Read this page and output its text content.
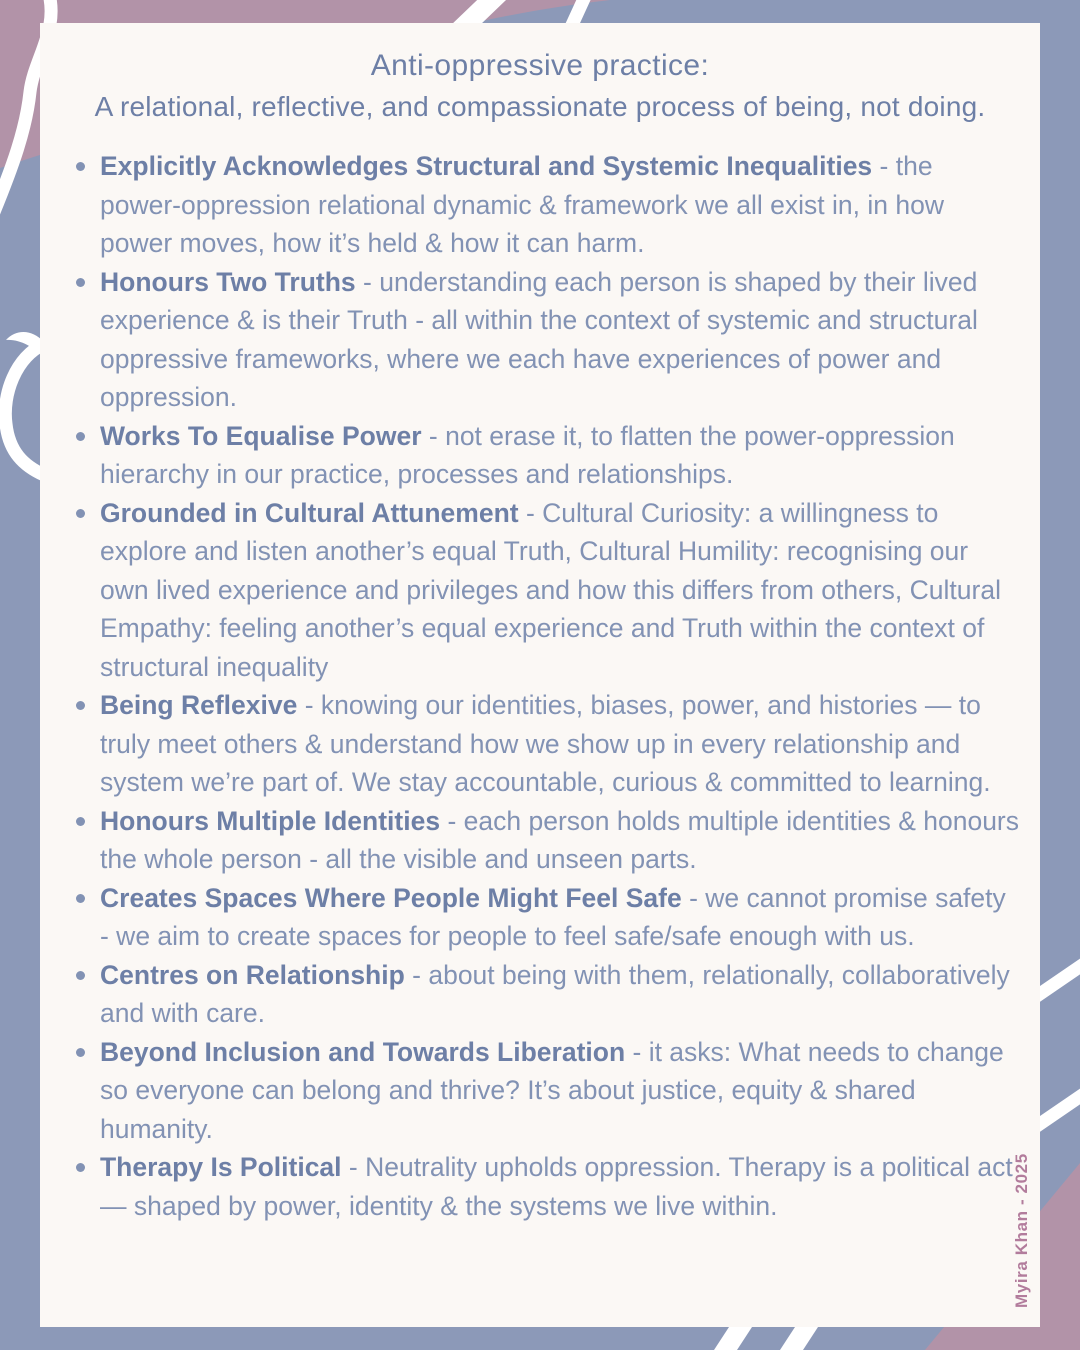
Anti-oppressive practice:
A relational, reflective, and compassionate process of being, not doing.
Explicitly Acknowledges Structural and Systemic Inequalities - the power-oppression relational dynamic & framework we all exist in, in how power moves, how it’s held & how it can harm.
Honours Two Truths - understanding each person is shaped by their lived experience & is their Truth - all within the context of systemic and structural oppressive frameworks, where we each have experiences of power and oppression.
Works To Equalise Power - not erase it, to flatten the power-oppression hierarchy in our practice, processes and relationships.
Grounded in Cultural Attunement - Cultural Curiosity: a willingness to explore and listen another’s equal Truth, Cultural Humility: recognising our own lived experience and privileges and how this differs from others, Cultural Empathy: feeling another’s equal experience and Truth within the context of structural inequality
Being Reflexive - knowing our identities, biases, power, and histories — to truly meet others & understand how we show up in every relationship and system we’re part of. We stay accountable, curious & committed to learning.
Honours Multiple Identities - each person holds multiple identities & honours the whole person - all the visible and unseen parts.
Creates Spaces Where People Might Feel Safe - we cannot promise safety - we aim to create spaces for people to feel safe/safe enough with us.
Centres on Relationship - about being with them, relationally, collaboratively and with care.
Beyond Inclusion and Towards Liberation - it asks: What needs to change so everyone can belong and thrive? It’s about justice, equity & shared humanity.
Therapy Is Political - Neutrality upholds oppression. Therapy is a political act — shaped by power, identity & the systems we live within.	Myira Khan - 2025
